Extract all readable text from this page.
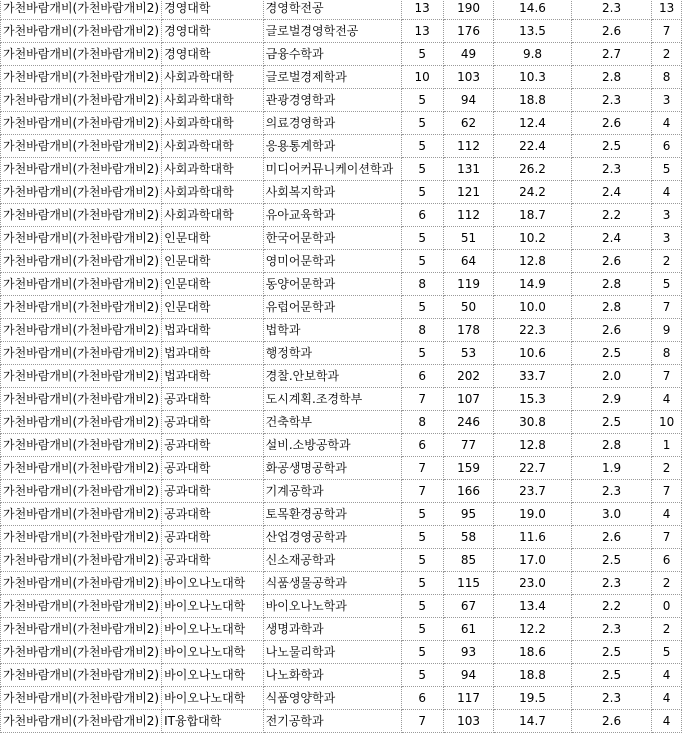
가천바람개비(가천바람개비2)	경영대학	경영학전공	13	190	14.6	2.3	13
가천바람개비(가천바람개비2)	경영대학	글로벌경영학전공	13	176	13.5	2.6	7
가천바람개비(가천바람개비2)	경영대학	금융수학과	5	49	9.8	2.7	2
가천바람개비(가천바람개비2)	사회과학대학	글로벌경제학과	10	103	10.3	2.8	8
가천바람개비(가천바람개비2)	사회과학대학	관광경영학과	5	94	18.8	2.3	3
가천바람개비(가천바람개비2)	사회과학대학	의료경영학과	5	62	12.4	2.6	4
가천바람개비(가천바람개비2)	사회과학대학	응용통계학과	5	112	22.4	2.5	6
가천바람개비(가천바람개비2)	사회과학대학	미디어커뮤니케이션학과	5	131	26.2	2.3	5
가천바람개비(가천바람개비2)	사회과학대학	사회복지학과	5	121	24.2	2.4	4
가천바람개비(가천바람개비2)	사회과학대학	유아교육학과	6	112	18.7	2.2	3
가천바람개비(가천바람개비2)	인문대학	한국어문학과	5	51	10.2	2.4	3
가천바람개비(가천바람개비2)	인문대학	영미어문학과	5	64	12.8	2.6	2
가천바람개비(가천바람개비2)	인문대학	동양어문학과	8	119	14.9	2.8	5
가천바람개비(가천바람개비2)	인문대학	유럽어문학과	5	50	10.0	2.8	7
가천바람개비(가천바람개비2)	법과대학	법학과	8	178	22.3	2.6	9
가천바람개비(가천바람개비2)	법과대학	행정학과	5	53	10.6	2.5	8
가천바람개비(가천바람개비2)	법과대학	경찰.안보학과	6	202	33.7	2.0	7
가천바람개비(가천바람개비2)	공과대학	도시계획.조경학부	7	107	15.3	2.9	4
가천바람개비(가천바람개비2)	공과대학	건축학부	8	246	30.8	2.5	10
가천바람개비(가천바람개비2)	공과대학	설비.소방공학과	6	77	12.8	2.8	1
가천바람개비(가천바람개비2)	공과대학	화공생명공학과	7	159	22.7	1.9	2
가천바람개비(가천바람개비2)	공과대학	기계공학과	7	166	23.7	2.3	7
가천바람개비(가천바람개비2)	공과대학	토목환경공학과	5	95	19.0	3.0	4
가천바람개비(가천바람개비2)	공과대학	산업경영공학과	5	58	11.6	2.6	7
가천바람개비(가천바람개비2)	공과대학	신소재공학과	5	85	17.0	2.5	6
가천바람개비(가천바람개비2)	바이오나노대학	식품생물공학과	5	115	23.0	2.3	2
가천바람개비(가천바람개비2)	바이오나노대학	바이오나노학과	5	67	13.4	2.2	0
가천바람개비(가천바람개비2)	바이오나노대학	생명과학과	5	61	12.2	2.3	2
가천바람개비(가천바람개비2)	바이오나노대학	나노물리학과	5	93	18.6	2.5	5
가천바람개비(가천바람개비2)	바이오나노대학	나노화학과	5	94	18.8	2.5	4
가천바람개비(가천바람개비2)	바이오나노대학	식품영양학과	6	117	19.5	2.3	4
가천바람개비(가천바람개비2)	IT융합대학	전기공학과	7	103	14.7	2.6	4
